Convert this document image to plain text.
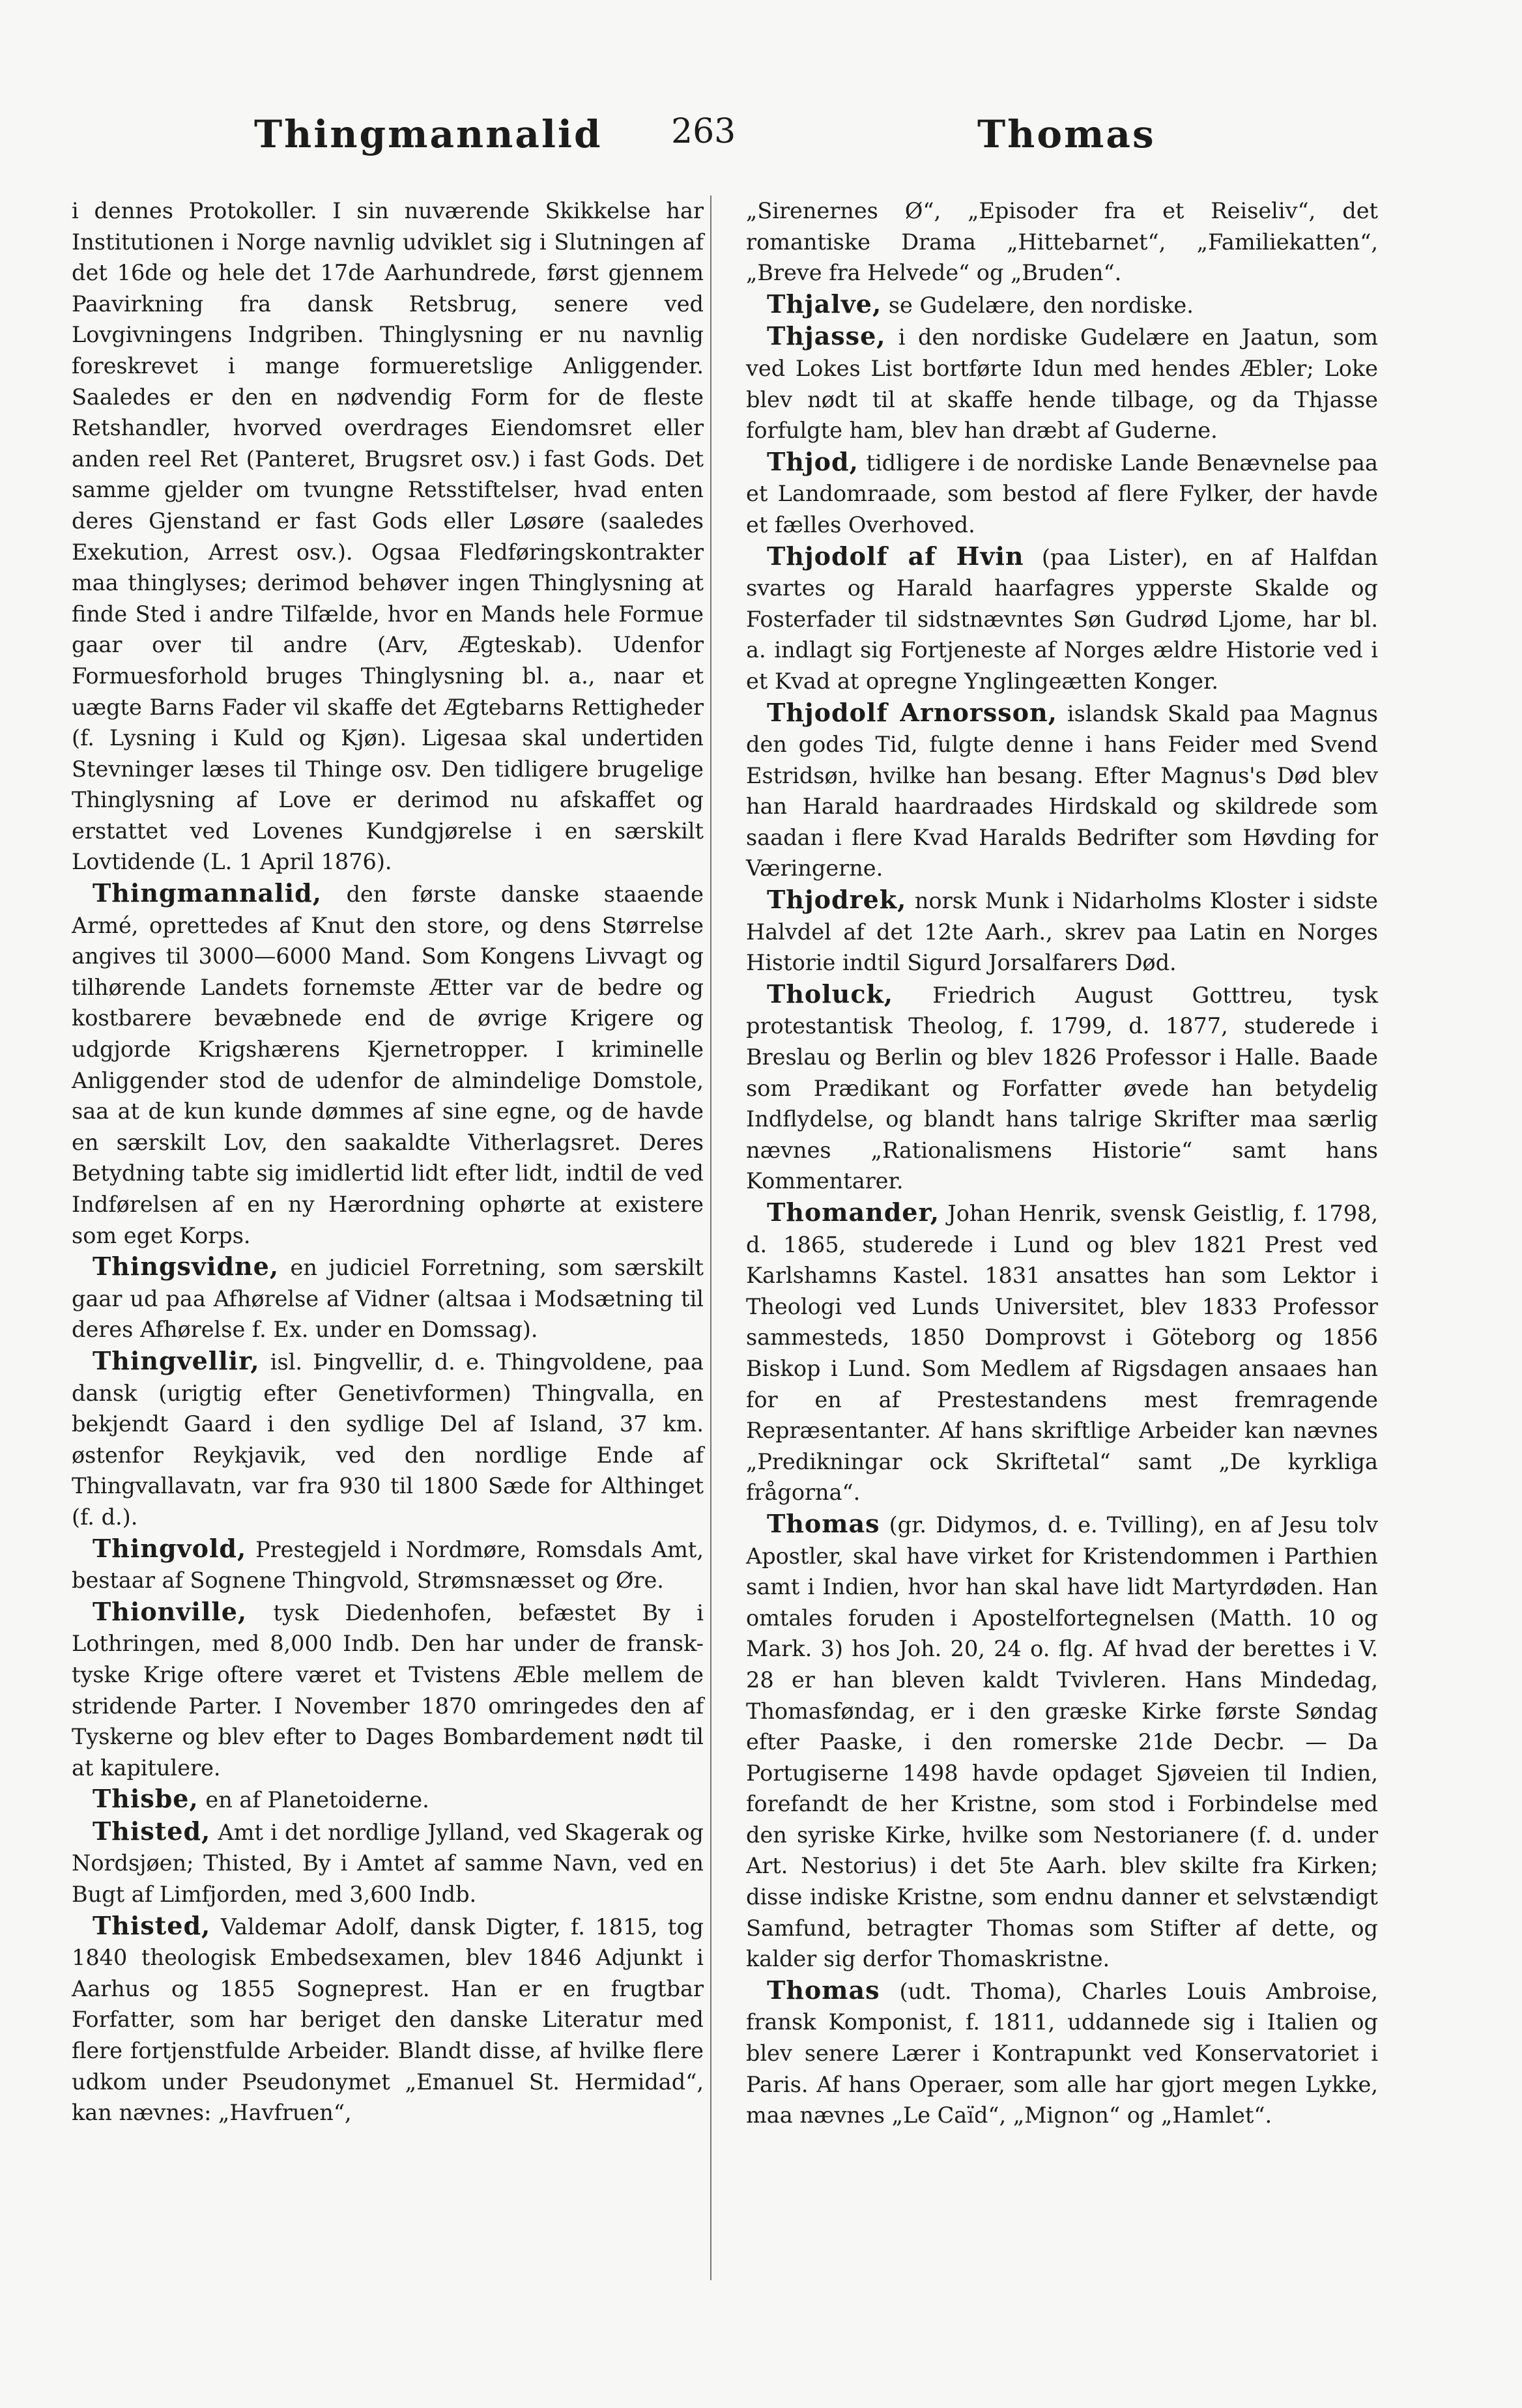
Thingmannalid 263	Thomas

i dennes Protokoller. I sin nuværende Skikkelse har Institutionen i Norge navnlig udviklet sig i Slutningen af det 16de og hele det 17de Aarhundrede, først gjennem Paavirkning fra dansk Retsbrug, senere ved Lovgivningens Indgriben. Thinglysning er nu navnlig foreskrevet i mange formueretslige Anliggender. Saaledes er den en nødvendig Form for de fleste Retshandler, hvorved overdrages Eiendomsret eller anden reel Ret (Panteret, Brugsret osv.) i fast Gods. Det samme gjelder om tvungne Retsstiftelser, hvad enten deres Gjenstand er fast Gods eller Løsøre (saaledes Exekution, Arrest osv.). Ogsaa Fledføringskontrakter maa thinglyses; derimod behøver ingen Thinglysning at finde Sted i andre Tilfælde, hvor en Mands hele Formue gaar over til andre (Arv, Ægteskab). Udenfor Formuesforhold bruges Thinglysning bl. a., naar et uægte Barns Fader vil skaffe det Ægtebarns Rettigheder (f. Lysning i Kuld og Kjøn). Ligesaa skal undertiden Stevninger læses til Thinge osv. Den tidligere brugelige Thinglysning af Love er derimod nu afskaffet og erstattet ved Lovenes Kundgjørelse i en særskilt Lovtidende (L. 1 April 1876).

Thingmannalid, den første danske staaende Armé, oprettedes af Knut den store, og dens Størrelse angives til 3000—6000 Mand. Som Kongens Livvagt og tilhørende Landets fornemste Ætter var de bedre og kostbarere bevæbnede end de øvrige Krigere og udgjorde Krigshærens Kjernetropper. I kriminelle Anliggender stod de udenfor de almindelige Domstole, saa at de kun kunde dømmes af sine egne, og de havde en særskilt Lov, den saakaldte Vitherlagsret. Deres Betydning tabte sig imidlertid lidt efter lidt, indtil de ved Indførelsen af en ny Hærordning ophørte at existere som eget Korps.

Thingsvidne, en judiciel Forretning, som særskilt gaar ud paa Afhørelse af Vidner (altsaa i Modsætning til deres Afhørelse f. Ex. under en Domssag).

Thingvellir, isl. Þingvellir, d. e. Thingvoldene, paa dansk (urigtig efter Genetivformen) Thingvalla, en bekjendt Gaard i den sydlige Del af Island, 37 km. østenfor Reykjavik, ved den nordlige Ende af Thingvallavatn, var fra 930 til 1800 Sæde for Althinget (f. d.).

Thingvold, Prestegjeld i Nordmøre, Romsdals Amt, bestaar af Sognene Thingvold, Strømsnæsset og Øre.

Thionville, tysk Diedenhofen, befæstet By i Lothringen, med 8,000 Indb. Den har under de fransk-tyske Krige oftere været et Tvistens Æble mellem de stridende Parter. I November 1870 omringedes den af Tyskerne og blev efter to Dages Bombardement nødt til at kapitulere.

Thisbe, en af Planetoiderne.

Thisted, Amt i det nordlige Jylland, ved Skagerak og Nordsjøen; Thisted, By i Amtet af samme Navn, ved en Bugt af Limfjorden, med 3,600 Indb.

Thisted, Valdemar Adolf, dansk Digter, f. 1815, tog 1840 theologisk Embedsexamen, blev 1846 Adjunkt i Aarhus og 1855 Sogneprest. Han er en frugtbar Forfatter, som har beriget den danske Literatur med flere fortjenstfulde Arbeider. Blandt disse, af hvilke flere udkom under Pseudonymet „Emanuel St. Hermidad“, kan nævnes: „Havfruen“,

„Sirenernes Ø“, „Episoder fra et Reiseliv“, det romantiske Drama „Hittebarnet“, „Familiekatten“, „Breve fra Helvede“ og „Bruden“.

Thjalve, se Gudelære, den nordiske.

Thjasse, i den nordiske Gudelære en Jaatun, som ved Lokes List bortførte Idun med hendes Æbler; Loke blev nødt til at skaffe hende tilbage, og da Thjasse forfulgte ham, blev han dræbt af Guderne.

Thjod, tidligere i de nordiske Lande Benævnelse paa et Landomraade, som bestod af flere Fylker, der havde et fælles Overhoved.

Thjodolf af Hvin (paa Lister), en af Halfdan svartes og Harald haarfagres ypperste Skalde og Fosterfader til sidstnævntes Søn Gudrød Ljome, har bl. a. indlagt sig Fortjeneste af Norges ældre Historie ved i et Kvad at opregne Ynglingeætten Konger.

Thjodolf Arnorsson, islandsk Skald paa Magnus den godes Tid, fulgte denne i hans Feider med Svend Estridsøn, hvilke han besang. Efter Magnus's Død blev han Harald haardraades Hirdskald og skildrede som saadan i flere Kvad Haralds Bedrifter som Høvding for Væringerne.

Thjodrek, norsk Munk i Nidarholms Kloster i sidste Halvdel af det 12te Aarh., skrev paa Latin en Norges Historie indtil Sigurd Jorsalfarers Død.

Tholuck, Friedrich August Gotttreu, tysk protestantisk Theolog, f. 1799, d. 1877, studerede i Breslau og Berlin og blev 1826 Professor i Halle. Baade som Prædikant og Forfatter øvede han betydelig Indflydelse, og blandt hans talrige Skrifter maa særlig nævnes „Rationalismens Historie“ samt hans Kommentarer.

Thomander, Johan Henrik, svensk Geistlig, f. 1798, d. 1865, studerede i Lund og blev 1821 Prest ved Karlshamns Kastel. 1831 ansattes han som Lektor i Theologi ved Lunds Universitet, blev 1833 Professor sammesteds, 1850 Domprovst i Göteborg og 1856 Biskop i Lund. Som Medlem af Rigsdagen ansaaes han for en af Prestestandens mest fremragende Repræsentanter. Af hans skriftlige Arbeider kan nævnes „Predikningar ock Skriftetal“ samt „De kyrkliga frågorna“.

Thomas (gr. Didymos, d. e. Tvilling), en af Jesu tolv Apostler, skal have virket for Kristendommen i Parthien samt i Indien, hvor han skal have lidt Martyrdøden. Han omtales foruden i Apostelfortegnelsen (Matth. 10 og Mark. 3) hos Joh. 20, 24 o. flg. Af hvad der berettes i V. 28 er han bleven kaldt Tvivleren. Hans Mindedag, Thomasføndag, er i den græske Kirke første Søndag efter Paaske, i den romerske 21de Decbr. — Da Portugiserne 1498 havde opdaget Sjøveien til Indien, forefandt de her Kristne, som stod i Forbindelse med den syriske Kirke, hvilke som Nestorianere (f. d. under Art. Nestorius) i det 5te Aarh. blev skilte fra Kirken; disse indiske Kristne, som endnu danner et selvstændigt Samfund, betragter Thomas som Stifter af dette, og kalder sig derfor Thomaskristne.

Thomas (udt. Thoma), Charles Louis Ambroise, fransk Komponist, f. 1811, uddannede sig i Italien og blev senere Lærer i Kontrapunkt ved Konservatoriet i Paris. Af hans Operaer, som alle har gjort megen Lykke, maa nævnes „Le Caïd“, „Mignon“ og „Hamlet“.
